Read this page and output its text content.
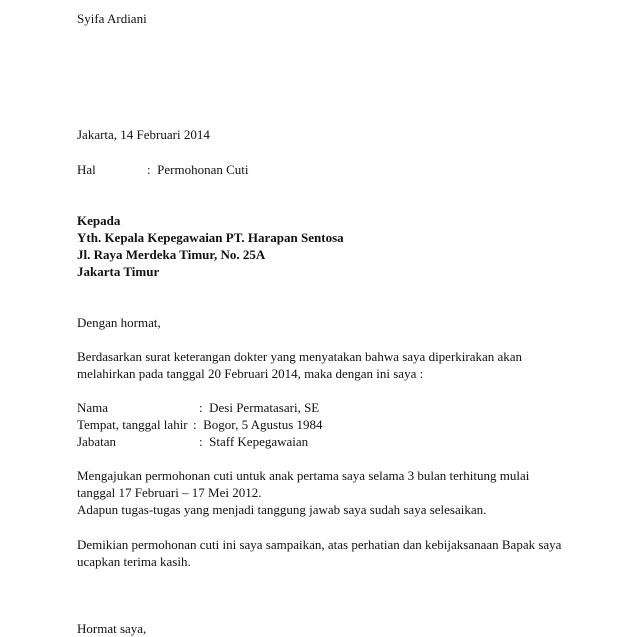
Syifa Ardiani
Jakarta, 14 Februari 2014
Hal	: Permohonan Cuti
Kepada
Yth. Kepala Kepegawaian PT. Harapan Sentosa
Jl. Raya Merdeka Timur, No. 25A
Jakarta Timur
Dengan hormat,
Berdasarkan surat keterangan dokter yang menyatakan bahwa saya diperkirakan akan
melahirkan pada tanggal 20 Februari 2014, maka dengan ini saya :
Nama	: Desi Permatasari, SE
Tempat, tanggal lahir : Bogor, 5 Agustus 1984
Jabatan	: Staff Kepegawaian
Mengajukan permohonan cuti untuk anak pertama saya selama 3 bulan terhitung mulai
tanggal 17 Februari – 17 Mei 2012.
Adapun tugas-tugas yang menjadi tanggung jawab saya sudah saya selesaikan.
Demikian permohonan cuti ini saya sampaikan, atas perhatian dan kebijaksanaan Bapak saya
ucapkan terima kasih.
Hormat saya,
